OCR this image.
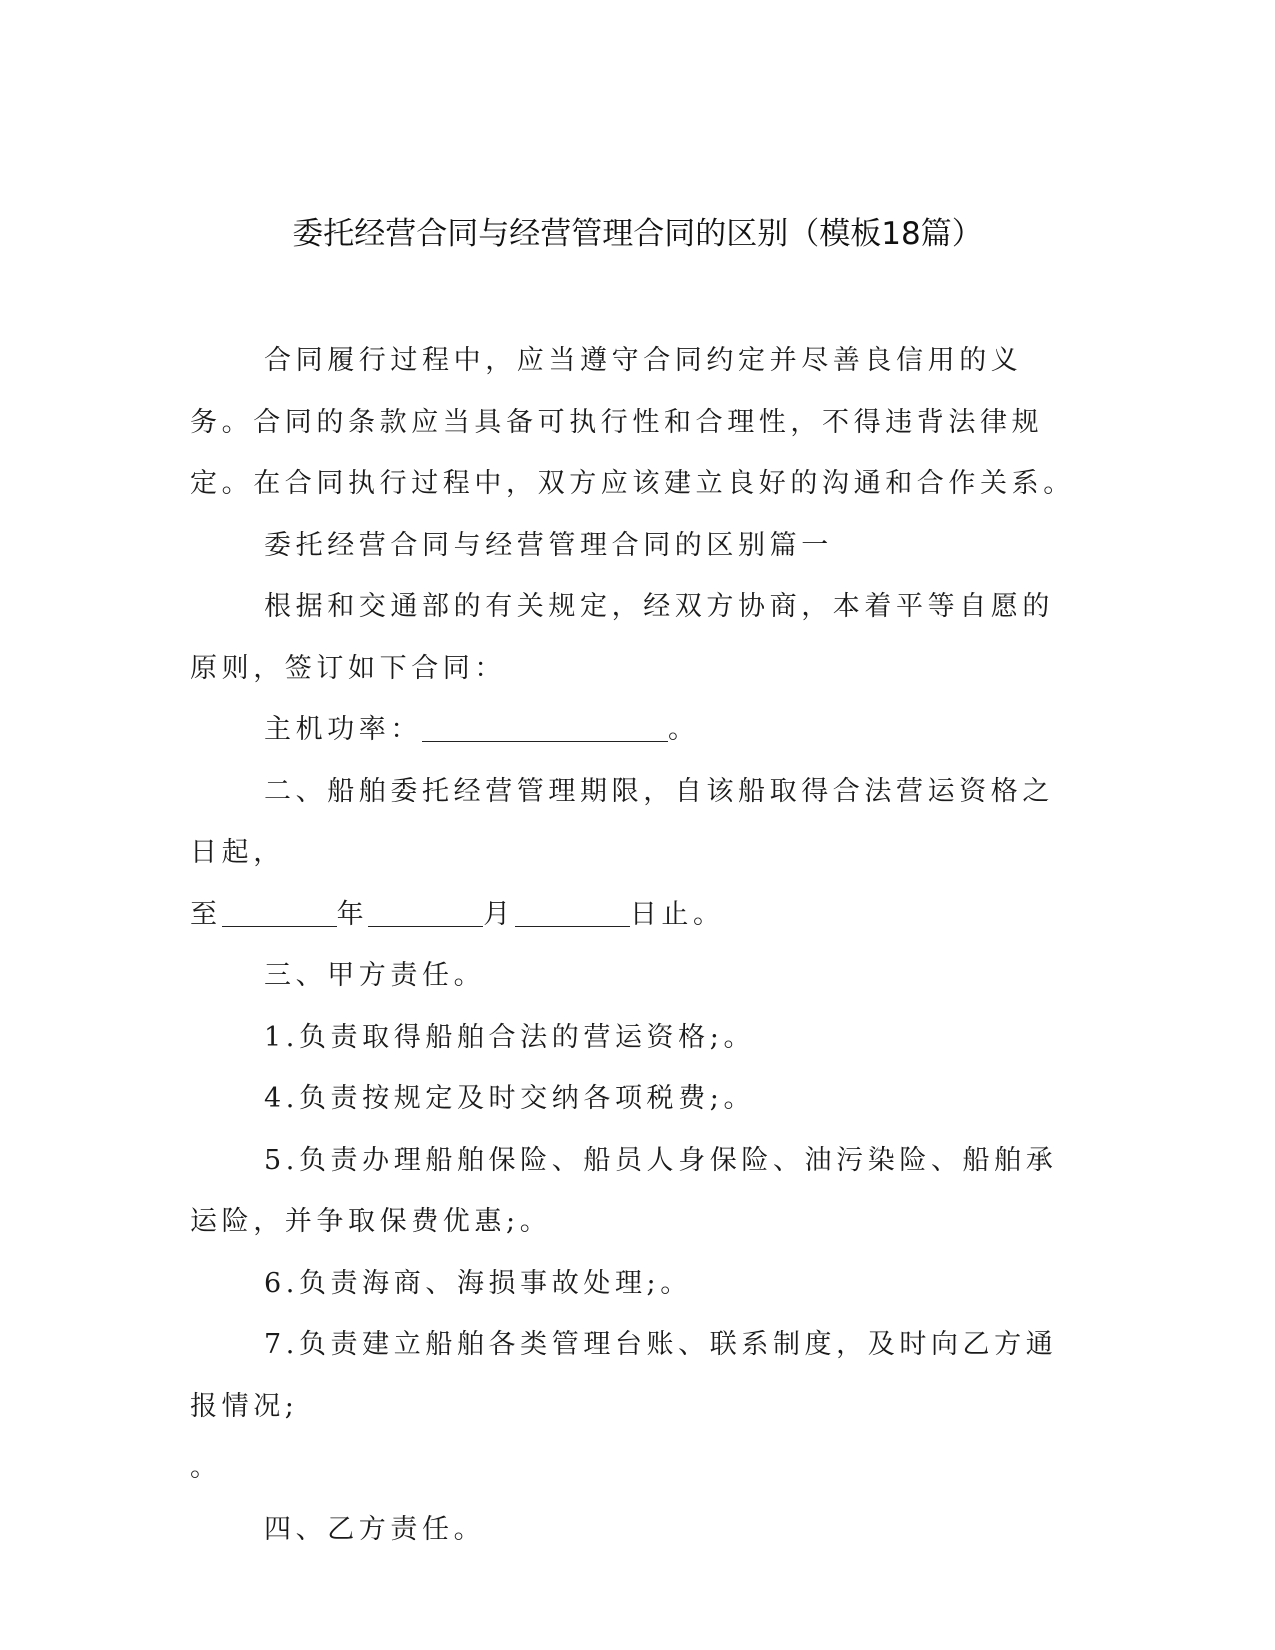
委托经营合同与经营管理合同的区别（模板18篇）

合同履行过程中，应当遵守合同约定并尽善良信用的义务。合同的条款应当具备可执行性和合理性，不得违背法律规定。在合同执行过程中，双方应该建立良好的沟通和合作关系。

委托经营合同与经营管理合同的区别篇一

根据和交通部的有关规定，经双方协商，本着平等自愿的原则，签订如下合同：

主机功率：	。

二、船舶委托经营管理期限，自该船取得合法营运资格之日起，

至	年	月	日止。

三、甲方责任。

1.负责取得船舶合法的营运资格;。

4.负责按规定及时交纳各项税费;。

5.负责办理船舶保险、船员人身保险、油污染险、船舶承运险，并争取保费优惠;。

6.负责海商、海损事故处理;。

7.负责建立船舶各类管理台账、联系制度，及时向乙方通报情况;

。

四、乙方责任。
